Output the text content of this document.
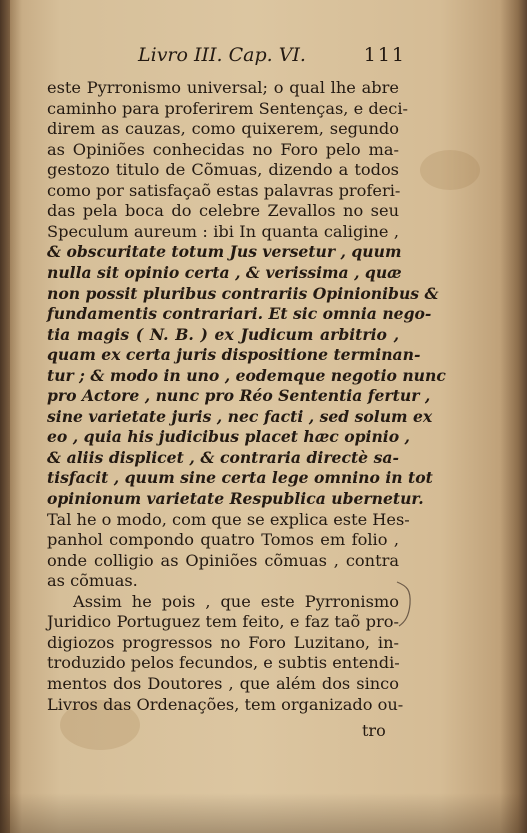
Livro III. Cap. VI.	111
este Pyrronismo universal; o qual lhe abre
caminho para proferirem Sentenças, e deci-
direm as cauzas, como quixerem, segundo
as Opiniões conhecidas no Foro pelo ma-
gestozo titulo de Cõmuas, dizendo a todos
como por satisfaçaõ estas palavras proferi-
das pela boca do celebre Zevallos no seu
Speculum aureum : ibi In quanta caligine ,
& obscuritate totum Jus versetur , quum
nulla sit opinio certa , & verissima , quæ
non possit pluribus contrariis Opinionibus &
fundamentis contrariari. Et sic omnia nego-
tia magis ( N. B. ) ex Judicum arbitrio ,
quam ex certa juris dispositione terminan-
tur ; & modo in uno , eodemque negotio nunc
pro Actore , nunc pro Réo Sententia fertur ,
sine varietate juris , nec facti , sed solum ex
eo , quia his judicibus placet hæc opinio ,
& aliis displicet , & contraria directè sa-
tisfacit , quum sine certa lege omnino in tot
opinionum varietate Respublica ubernetur.
Tal he o modo, com que se explica este Hes-
panhol compondo quatro Tomos em folio ,
onde colligio as Opiniões cõmuas , contra
as cõmuas.
Assim he pois , que este Pyrronismo
Juridico Portuguez tem feito, e faz taõ pro-
digiozos progressos no Foro Luzitano, in-
troduzido pelos fecundos, e subtis entendi-
mentos dos Doutores , que além dos sinco
Livros das Ordenações, tem organizado ou-
tro
